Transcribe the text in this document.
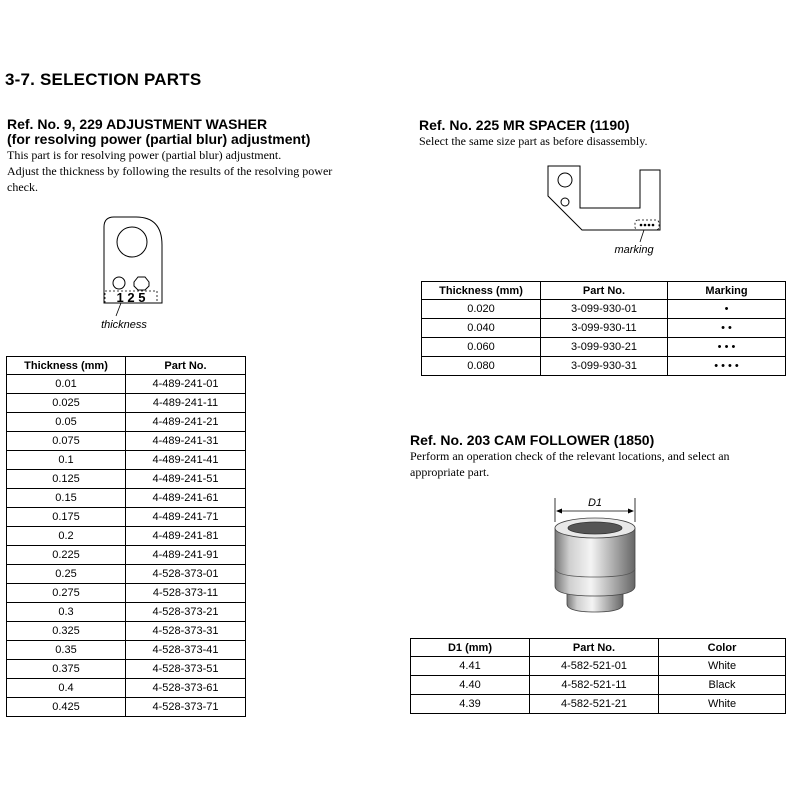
3-7. SELECTION PARTS

Ref. No. 9, 229 ADJUSTMENT WASHER

(for resolving power (partial blur) adjustment)

This part is for resolving power (partial blur) adjustment.

Adjust the thickness by following the results of the resolving power

check.

1 2 5
thickness
Thickness (mm)	Part No.
0.01	4-489-241-01
0.025	4-489-241-11
0.05	4-489-241-21
0.075	4-489-241-31
0.1	4-489-241-41
0.125	4-489-241-51
0.15	4-489-241-61
0.175	4-489-241-71
0.2	4-489-241-81
0.225	4-489-241-91
0.25	4-528-373-01
0.275	4-528-373-11
0.3	4-528-373-21
0.325	4-528-373-31
0.35	4-528-373-41
0.375	4-528-373-51
0.4	4-528-373-61
0.425	4-528-373-71

Ref. No. 225 MR SPACER (1190)

Select the same size part as before disassembly.

marking
Thickness (mm)	Part No.	Marking
0.020	3-099-930-01	•
0.040	3-099-930-11	• •
0.060	3-099-930-21	• • •
0.080	3-099-930-31	• • • •

Ref. No. 203 CAM FOLLOWER (1850)

Perform an operation check of the relevant locations, and select an

appropriate part.

D1
D1 (mm)	Part No.	Color
4.41	4-582-521-01	White
4.40	4-582-521-11	Black
4.39	4-582-521-21	White
